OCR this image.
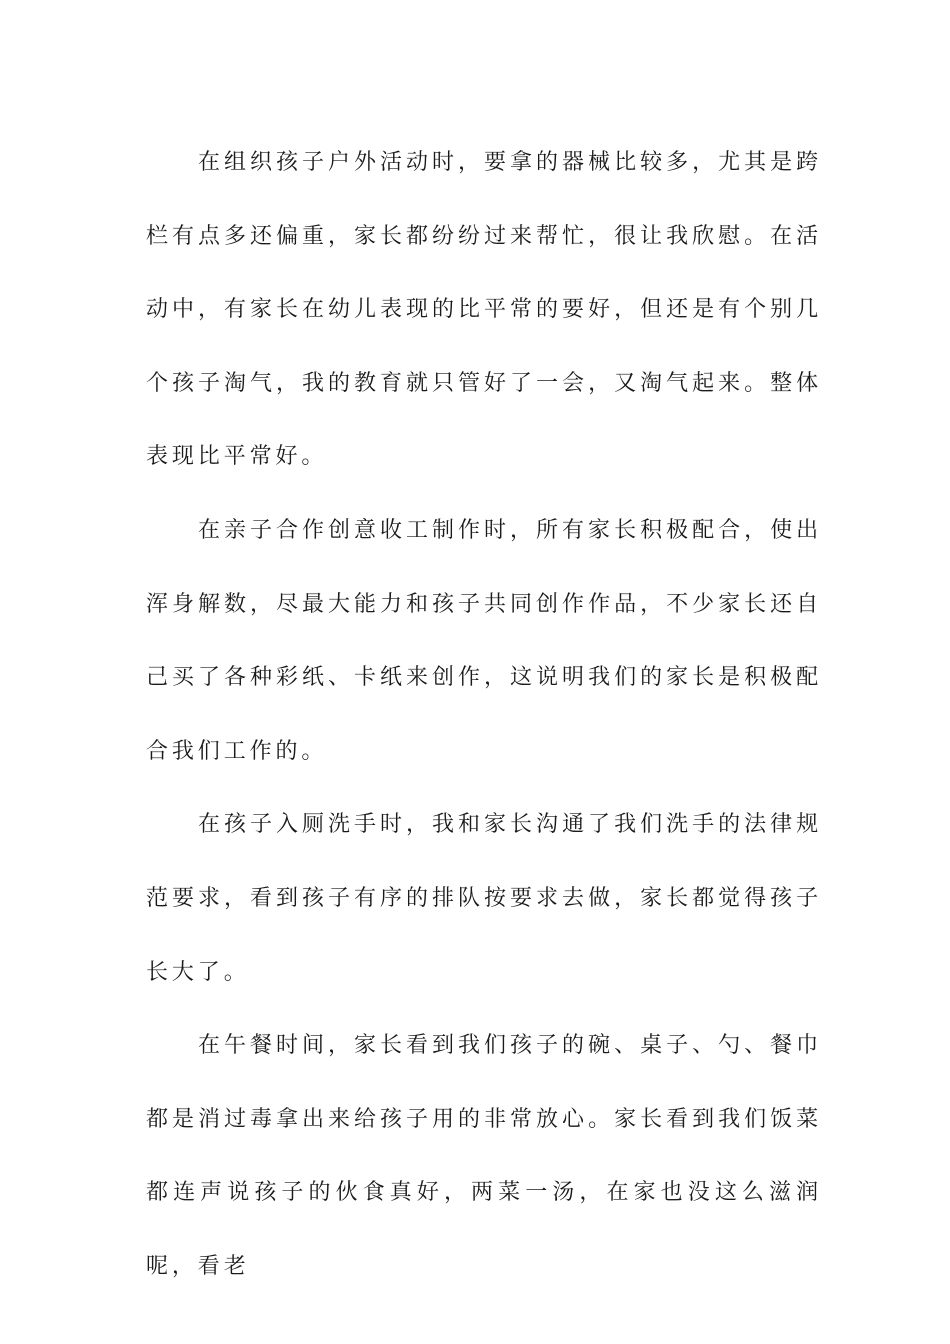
在组织孩子户外活动时，要拿的器械比较多，尤其是跨栏有点多还偏重，家长都纷纷过来帮忙，很让我欣慰。在活动中，有家长在幼儿表现的比平常的要好，但还是有个别几个孩子淘气，我的教育就只管好了一会，又淘气起来。整体表现比平常好。

在亲子合作创意收工制作时，所有家长积极配合，使出浑身解数，尽最大能力和孩子共同创作作品，不少家长还自己买了各种彩纸、卡纸来创作，这说明我们的家长是积极配合我们工作的。

在孩子入厕洗手时，我和家长沟通了我们洗手的法律规范要求，看到孩子有序的排队按要求去做，家长都觉得孩子长大了。

在午餐时间，家长看到我们孩子的碗、桌子、勺、餐巾都是消过毒拿出来给孩子用的非常放心。家长看到我们饭菜都连声说孩子的伙食真好，两菜一汤，在家也没这么滋润呢，看老
